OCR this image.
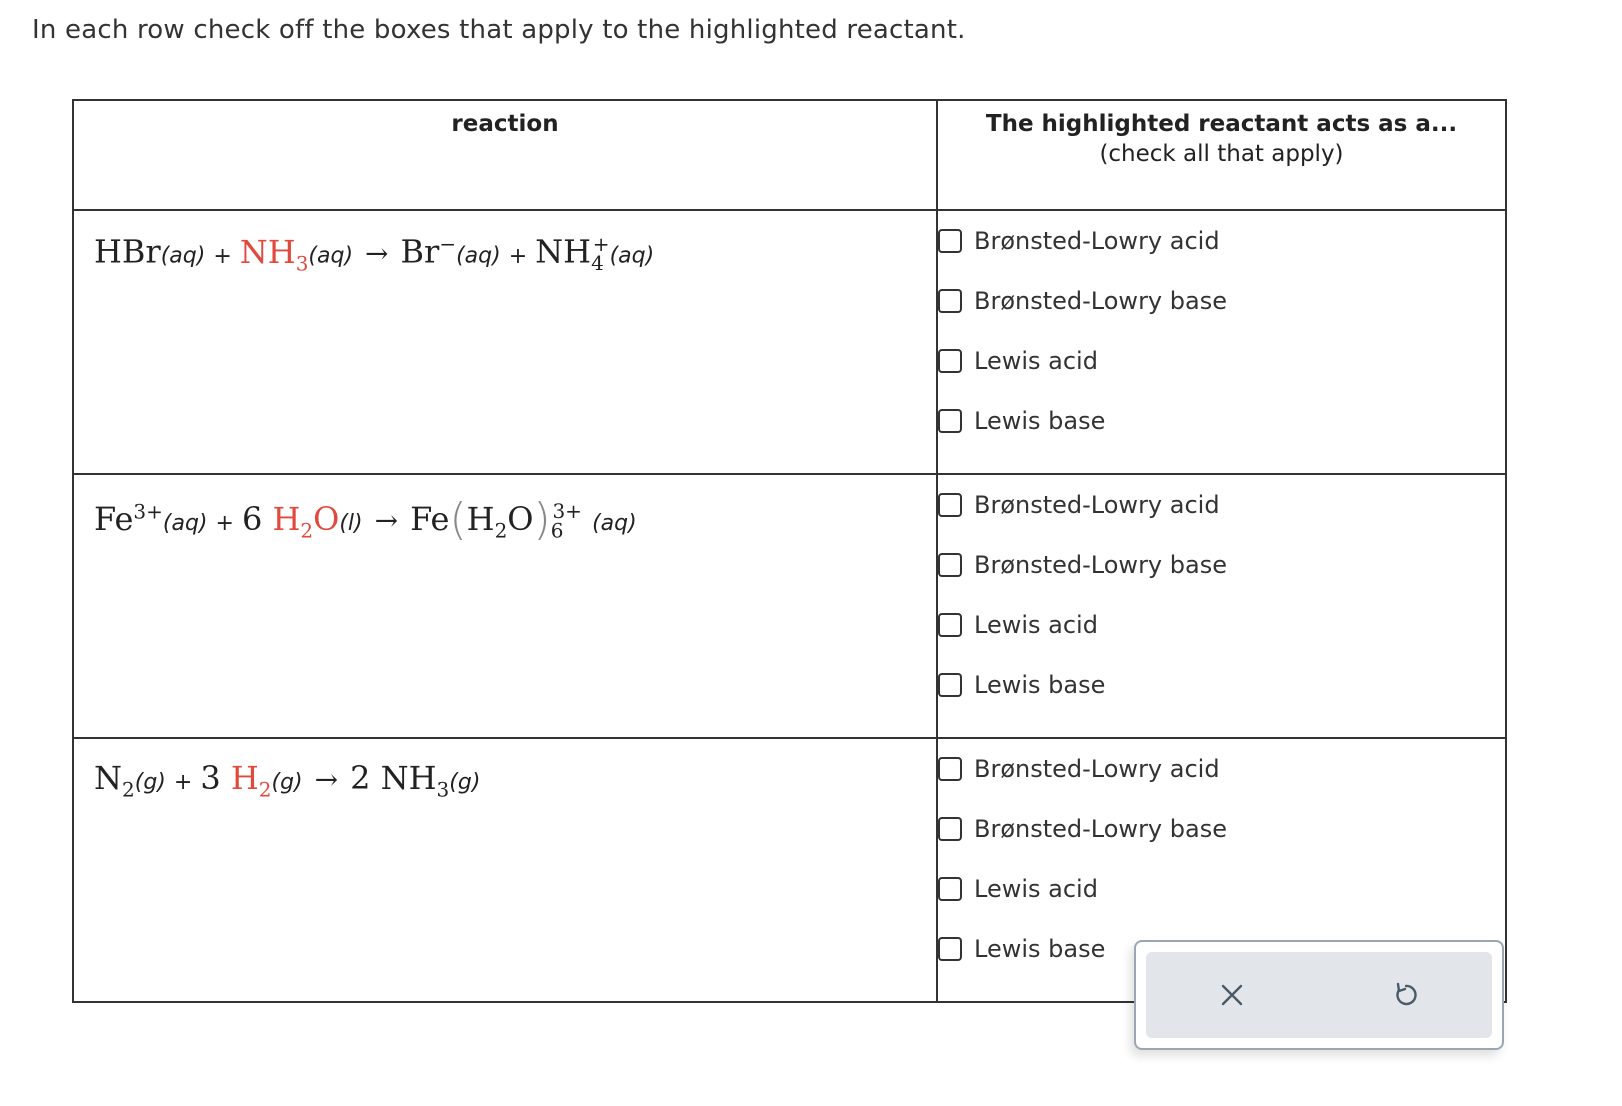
In each row check off the boxes that apply to the highlighted reactant.
reaction	The highlighted reactant acts as a...
(check all that apply)

$HBr(aq) + NH_3(aq) \to Br^-(aq) + NH_4^+(aq)$	Brønsted-Lowry acid
Brønsted-Lowry base
Lewis acid
Lewis base

$Fe^{3+}(aq) + 6$ $H_2O(l) \to Fe(H_2O)_6^{3+}$ (aq)	Brønsted-Lowry acid
Brønsted-Lowry base
Lewis acid
Lewis base

$N_2(g) + 3$ $H_2(g) \to 2$ $NH_3(g)$	Brønsted-Lowry acid
Brønsted-Lowry base
Lewis acid
Lewis base
